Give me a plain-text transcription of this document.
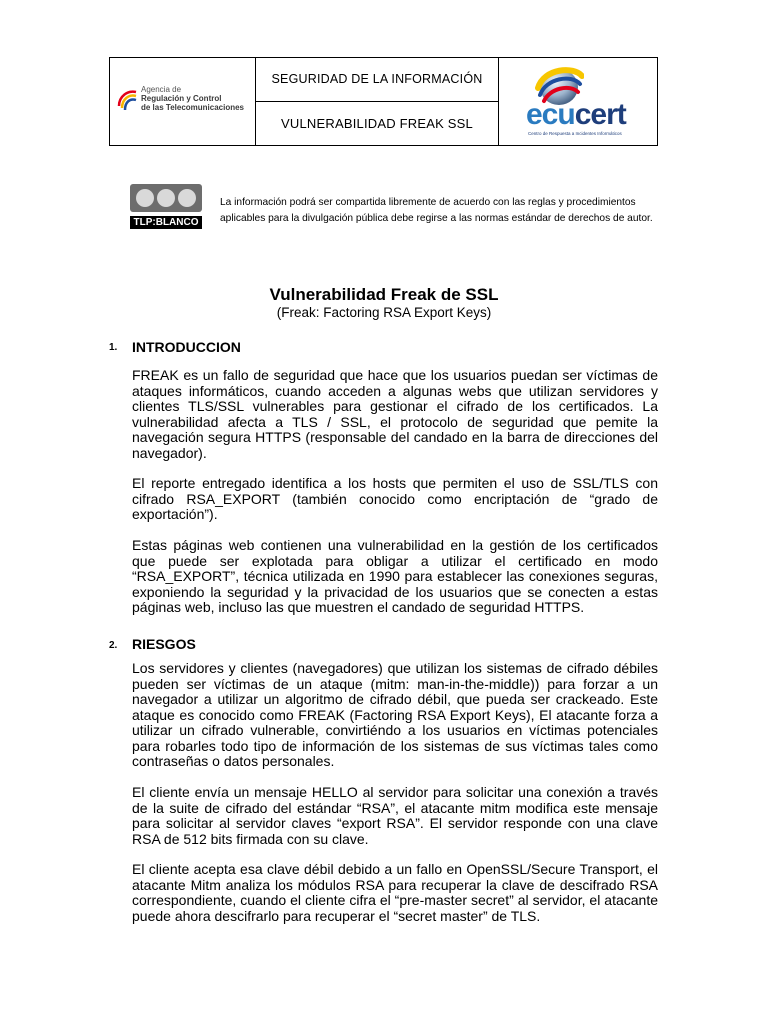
Agencia de
Regulación y Control
de las Telecomunicaciones
SEGURIDAD DE LA INFORMACIÓN
VULNERABILIDAD FREAK SSL	ecucert
Centro de Respuesta a Incidentes Informáticos
TLP:BLANCO
La información podrá ser compartida libremente de acuerdo con las reglas y procedimientos aplicables para la divulgación pública debe regirse a las normas estándar de derechos de autor.
Vulnerabilidad Freak de SSL
(Freak: Factoring RSA Export Keys)
1. INTRODUCCION

FREAK es un fallo de seguridad que hace que los usuarios puedan ser víctimas de ataques informáticos, cuando acceden a algunas webs que utilizan servidores y clientes TLS/SSL vulnerables para gestionar el cifrado de los certificados. La vulnerabilidad afecta a TLS / SSL, el protocolo de seguridad que pemite la navegación segura HTTPS (responsable del candado en la barra de direcciones del navegador).

El reporte entregado identifica a los hosts que permiten el uso de SSL/TLS con cifrado RSA_EXPORT (también conocido como encriptación de “grado de exportación”).

Estas páginas web contienen una vulnerabilidad en la gestión de los certificados que puede ser explotada para obligar a utilizar el certificado en modo “RSA_EXPORT”, técnica utilizada en 1990 para establecer las conexiones seguras, exponiendo la seguridad y la privacidad de los usuarios que se conecten a estas páginas web, incluso las que muestren el candado de seguridad HTTPS.

2. RIESGOS

Los servidores y clientes (navegadores) que utilizan los sistemas de cifrado débiles pueden ser víctimas de un ataque (mitm: man-in-the-middle)) para forzar a un navegador a utilizar un algoritmo de cifrado débil, que pueda ser crackeado. Este ataque es conocido como FREAK (Factoring RSA Export Keys), El atacante forza a utilizar un cifrado vulnerable, convirtiéndo a los usuarios en víctimas potenciales para robarles todo tipo de información de los sistemas de sus víctimas tales como contraseñas o datos personales.

El cliente envía un mensaje HELLO al servidor para solicitar una conexión a través de la suite de cifrado del estándar “RSA”, el atacante mitm modifica este mensaje para solicitar al servidor claves “export RSA”. El servidor responde con una clave RSA de 512 bits firmada con su clave.

El cliente acepta esa clave débil debido a un fallo en OpenSSL/Secure Transport, el atacante Mitm analiza los módulos RSA para recuperar la clave de descifrado RSA correspondiente, cuando el cliente cifra el “pre-master secret” al servidor, el atacante puede ahora descifrarlo para recuperar el “secret master” de TLS.
